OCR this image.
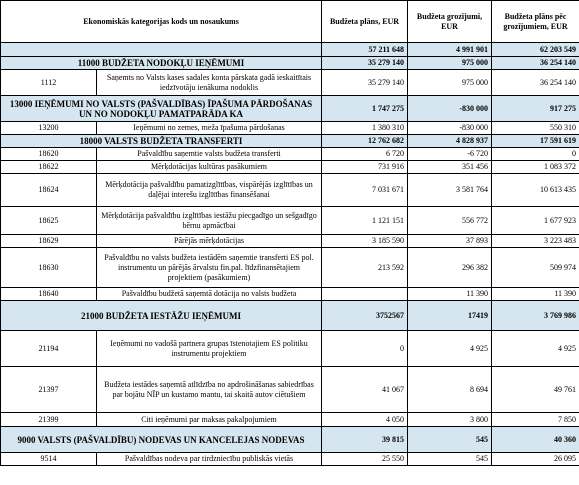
Ekonomiskās kategorijas kods un nosaukums		Budžeta plāns, EUR	Budžeta grozījumi, EUR	Budžeta plāns pēc grozījumiem, EUR
		57 211 648	4 991 901	62 203 549
11000 BUDŽETA NODOKĻU IEŅĒMUMI		35 279 140	975 000	36 254 140
1112	Saņemts no Valsts kases sadales konta pārskata gadā ieskaitītais iedzīvotāju ienākuma nodoklis	35 279 140	975 000	36 254 140
13000 IEŅĒMUMI NO VALSTS (PAŠVALDĪBAS) ĪPAŠUMA PĀRDOŠANAS UN NO NODOKĻU PAMATPARĀDA KA		1 747 275	-830 000	917 275
13200	Ieņēmumi no zemes, meža īpašuma pārdošanas	1 380 310	-830 000	550 310
18000 VALSTS BUDŽETA TRANSFERTI		12 762 682	4 828 937	17 591 619
18620	Pašvaldību saņemtie valsts budžeta transferti	6 720	-6 720	0
18622	Mērķdotācijas kultūras pasākumiem	731 916	351 456	1 083 372
18624	Mērķdotācija pašvaldību pamatizglītības, vispārējās izglītības un daļējai interešu izglītības finansēšanai	7 031 671	3 581 764	10 613 435
18625	Mērķdotācija pašvaldību izglītības iestāžu piecgadīgo un sešgadīgo bērnu apmācībai	1 121 151	556 772	1 677 923
18629	Pārējās mērķdotācijas	3 185 590	37 893	3 223 483
18630	Pašvaldību no valsts budžeta iestādēm saņemtie transferti ES pol. instrumentu un pārējās ārvalstu fin.pal. līdzfinansētajiem projektiem (pasākumiem)	213 592	296 382	509 974
18640	Pašvaldību budžetā saņemtā dotācija no valsts budžeta		11 390	11 390
21000 BUDŽETA IESTĀŽU IEŅĒMUMI		3752567	17419	3 769 986
21194	Ieņēmumi no vadošā partnera grupas īstenotajiem ES politiku instrumentu projektiem	0	4 925	4 925
21397	Budžeta iestādes saņemtā atlīdzība no apdrošināšanas sabiedrības par bojātu NĪP un kustamo mantu, tai skaitā autov ciētušiem	41 067	8 694	49 761
21399	Citi ieņēmumi par maksas pakalpojumiem	4 050	3 800	7 850
9000 VALSTS (PAŠVALDĪBU) NODEVAS UN KANCELEJAS NODEVAS		39 815	545	40 360
9514	Pašvaldības nodeva par tirdzniecību publiskās vietās	25 550	545	26 095
